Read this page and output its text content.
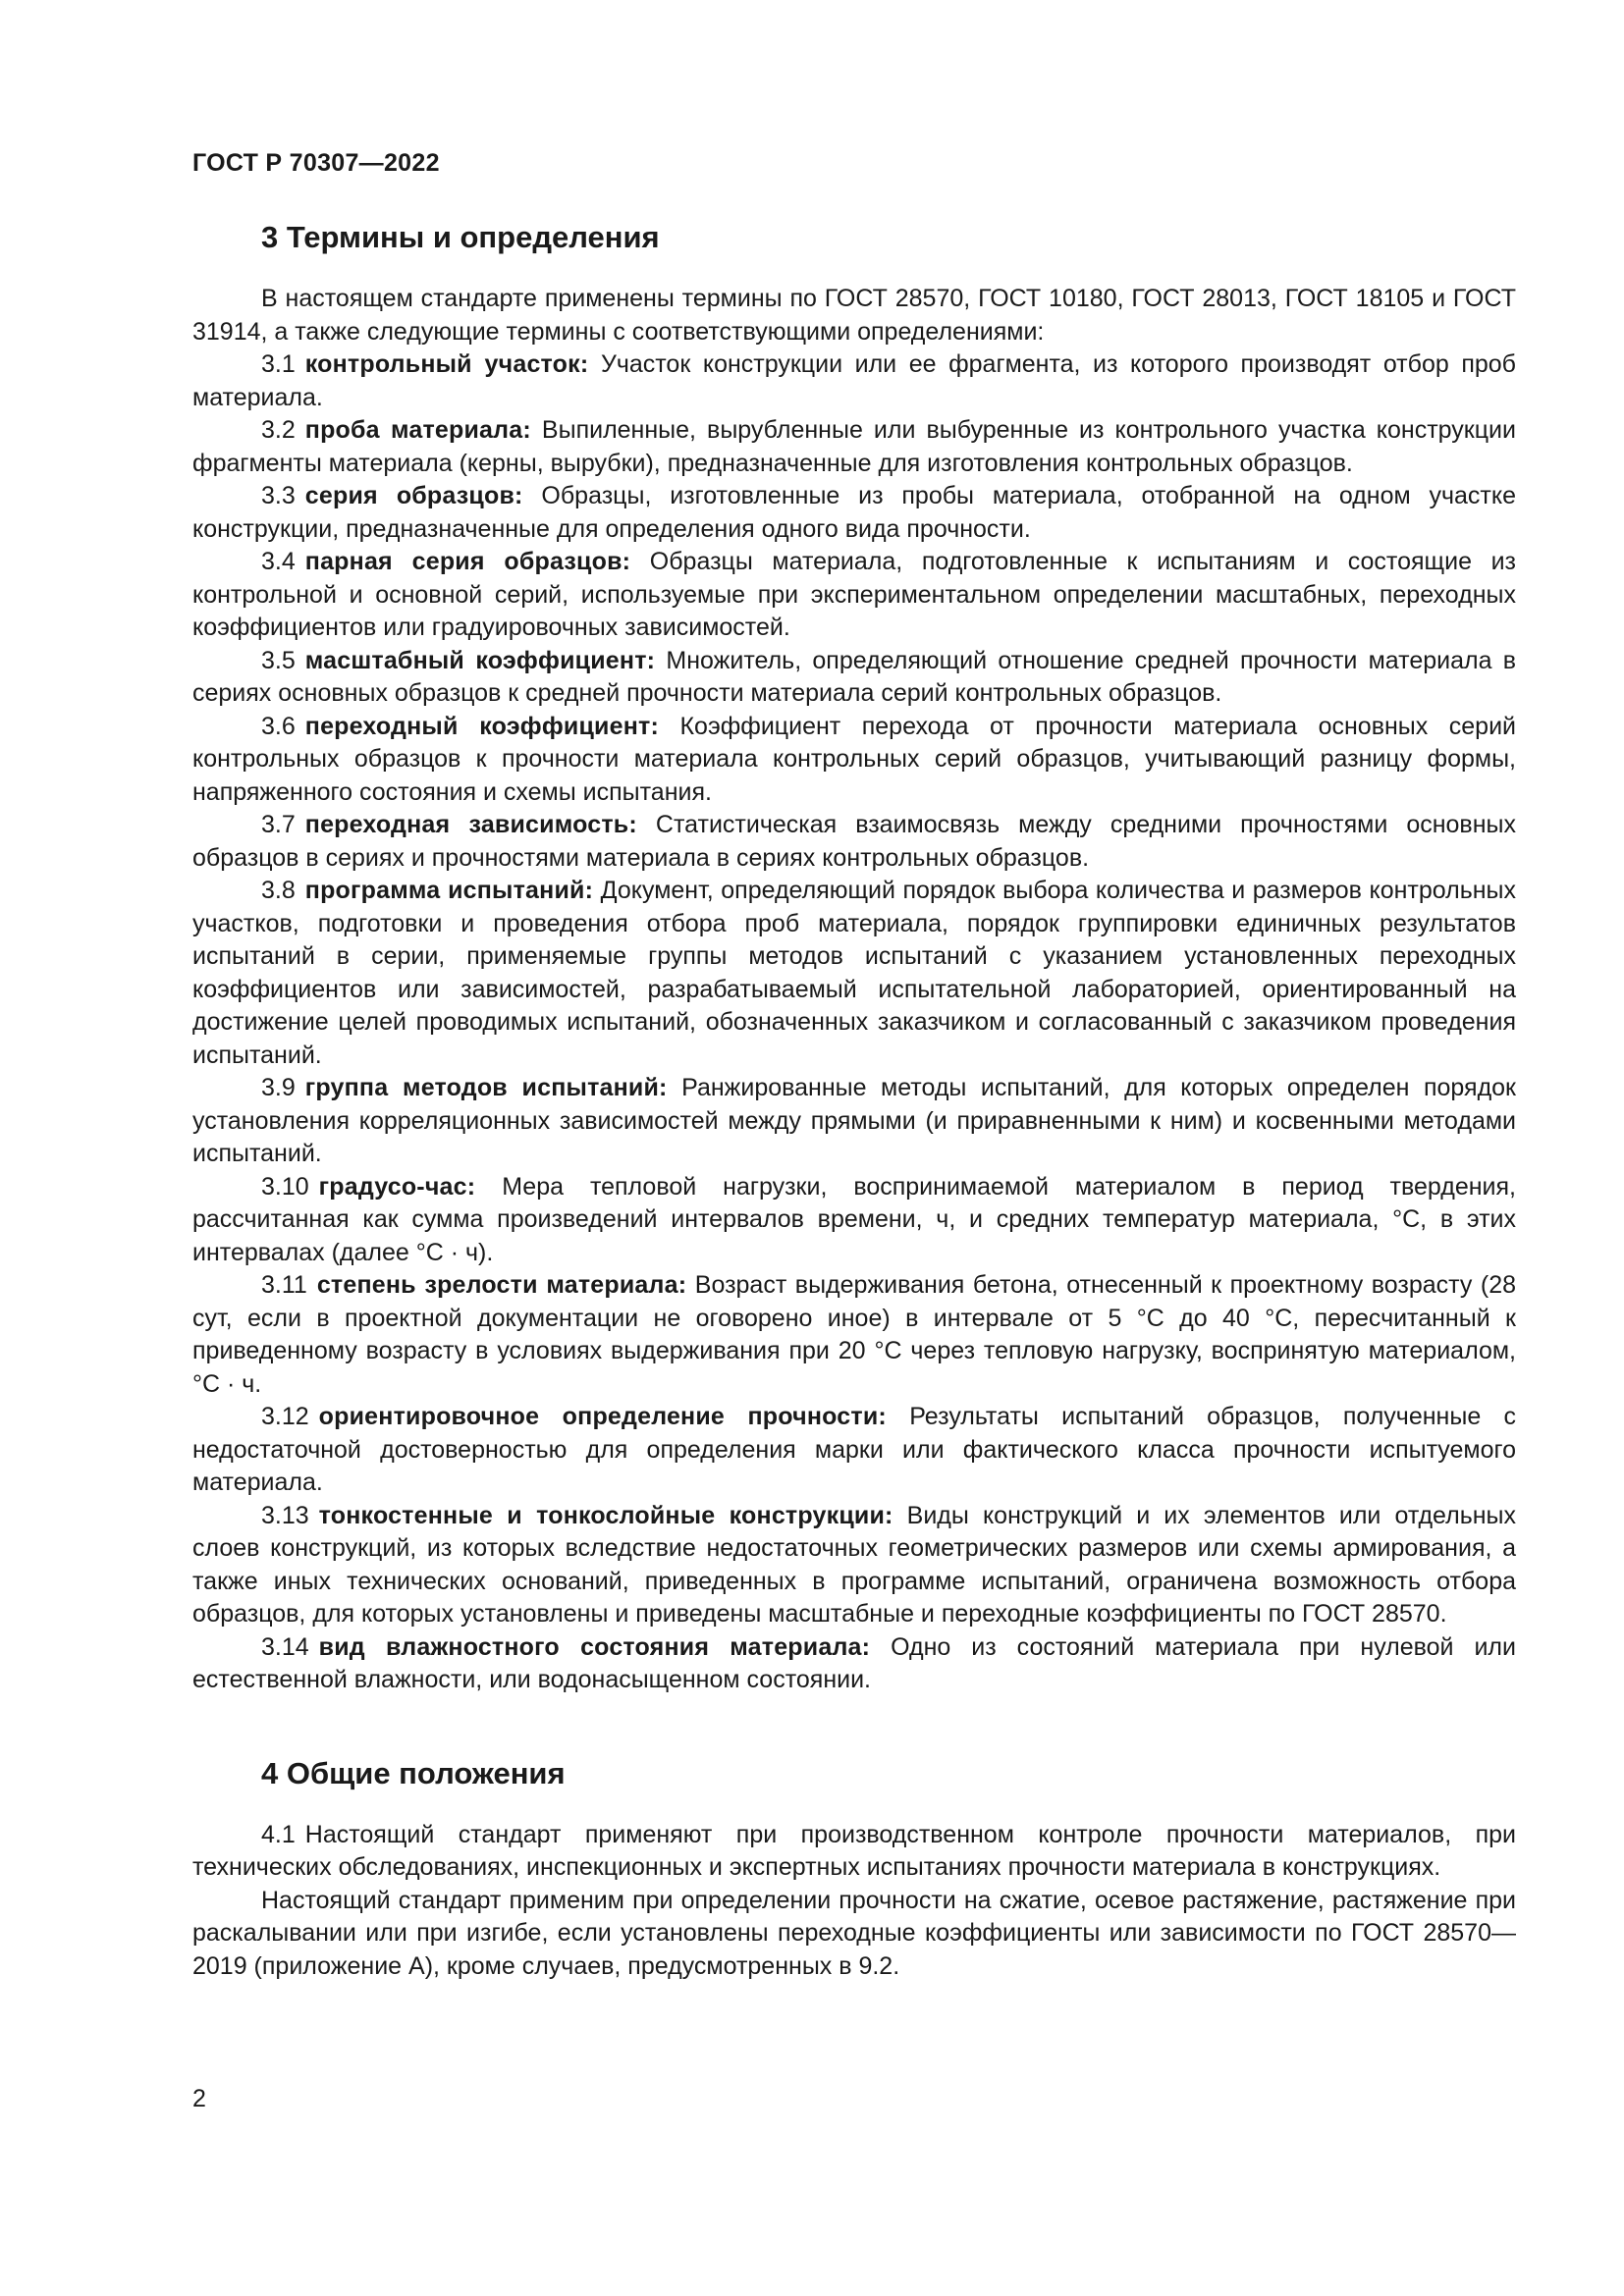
ГОСТ Р 70307—2022
3 Термины и определения

В настоящем стандарте применены термины по ГОСТ 28570, ГОСТ 10180, ГОСТ 28013, ГОСТ 18105 и ГОСТ 31914, а также следующие термины с соответствующими определениями:

3.1 контрольный участок: Участок конструкции или ее фрагмента, из которого производят отбор проб материала.

3.2 проба материала: Выпиленные, вырубленные или выбуренные из контрольного участка конструкции фрагменты материала (керны, вырубки), предназначенные для изготовления контрольных образцов.

3.3 серия образцов: Образцы, изготовленные из пробы материала, отобранной на одном участке конструкции, предназначенные для определения одного вида прочности.

3.4 парная серия образцов: Образцы материала, подготовленные к испытаниям и состоящие из контрольной и основной серий, используемые при экспериментальном определении масштабных, переходных коэффициентов или градуировочных зависимостей.

3.5 масштабный коэффициент: Множитель, определяющий отношение средней прочности материала в сериях основных образцов к средней прочности материала серий контрольных образцов.

3.6 переходный коэффициент: Коэффициент перехода от прочности материала основных серий контрольных образцов к прочности материала контрольных серий образцов, учитывающий разницу формы, напряженного состояния и схемы испытания.

3.7 переходная зависимость: Статистическая взаимосвязь между средними прочностями основных образцов в сериях и прочностями материала в сериях контрольных образцов.

3.8 программа испытаний: Документ, определяющий порядок выбора количества и размеров контрольных участков, подготовки и проведения отбора проб материала, порядок группировки единичных результатов испытаний в серии, применяемые группы методов испытаний с указанием установленных переходных коэффициентов или зависимостей, разрабатываемый испытательной лабораторией, ориентированный на достижение целей проводимых испытаний, обозначенных заказчиком и согласованный с заказчиком проведения испытаний.

3.9 группа методов испытаний: Ранжированные методы испытаний, для которых определен порядок установления корреляционных зависимостей между прямыми (и приравненными к ним) и косвенными методами испытаний.

3.10 градусо-час: Мера тепловой нагрузки, воспринимаемой материалом в период твердения, рассчитанная как сумма произведений интервалов времени, ч, и средних температур материала, °С, в этих интервалах (далее °С · ч).

3.11 степень зрелости материала: Возраст выдерживания бетона, отнесенный к проектному возрасту (28 сут, если в проектной документации не оговорено иное) в интервале от 5 °С до 40 °С, пересчитанный к приведенному возрасту в условиях выдерживания при 20 °С через тепловую нагрузку, воспринятую материалом, °С · ч.

3.12 ориентировочное определение прочности: Результаты испытаний образцов, полученные с недостаточной достоверностью для определения марки или фактического класса прочности испытуемого материала.

3.13 тонкостенные и тонкослойные конструкции: Виды конструкций и их элементов или отдельных слоев конструкций, из которых вследствие недостаточных геометрических размеров или схемы армирования, а также иных технических оснований, приведенных в программе испытаний, ограничена возможность отбора образцов, для которых установлены и приведены масштабные и переходные коэффициенты по ГОСТ 28570.

3.14 вид влажностного состояния материала: Одно из состояний материала при нулевой или естественной влажности, или водонасыщенном состоянии.

4 Общие положения

4.1 Настоящий стандарт применяют при производственном контроле прочности материалов, при технических обследованиях, инспекционных и экспертных испытаниях прочности материала в конструкциях.

Настоящий стандарт применим при определении прочности на сжатие, осевое растяжение, растяжение при раскалывании или при изгибе, если установлены переходные коэффициенты или зависимости по ГОСТ 28570—2019 (приложение А), кроме случаев, предусмотренных в 9.2.

2
